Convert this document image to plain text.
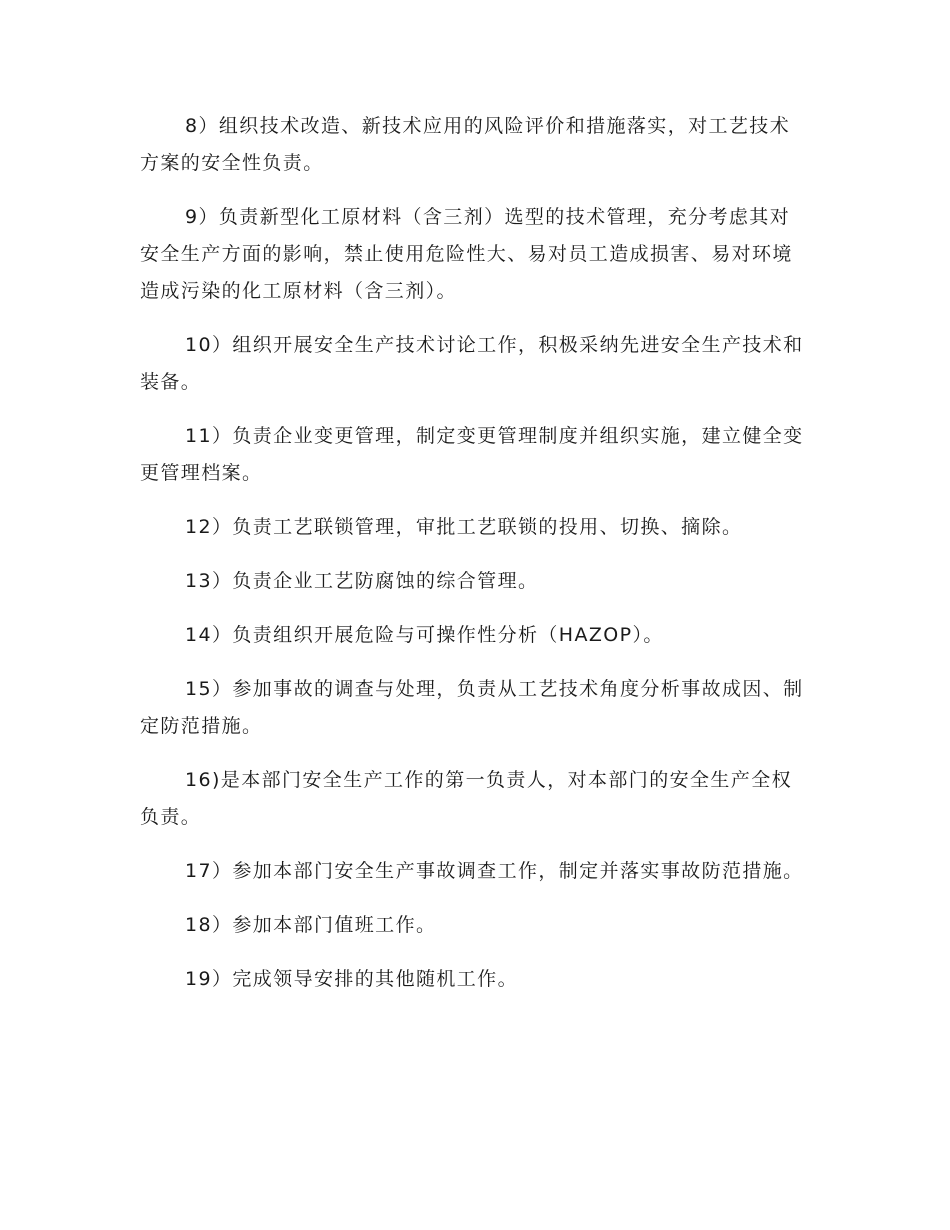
8）组织技术改造、新技术应用的风险评价和措施落实，对工艺技术方案的安全性负责。

9）负责新型化工原材料（含三剂）选型的技术管理，充分考虑其对安全生产方面的影响，禁止使用危险性大、易对员工造成损害、易对环境造成污染的化工原材料（含三剂）。

10）组织开展安全生产技术讨论工作，积极采纳先进安全生产技术和装备。

11）负责企业变更管理，制定变更管理制度并组织实施，建立健全变更管理档案。

12）负责工艺联锁管理，审批工艺联锁的投用、切换、摘除。

13）负责企业工艺防腐蚀的综合管理。

14）负责组织开展危险与可操作性分析（HAZOP）。

15）参加事故的调查与处理，负责从工艺技术角度分析事故成因、制定防范措施。

16)是本部门安全生产工作的第一负责人，对本部门的安全生产全权负责。

17）参加本部门安全生产事故调查工作，制定并落实事故防范措施。

18）参加本部门值班工作。

19）完成领导安排的其他随机工作。
